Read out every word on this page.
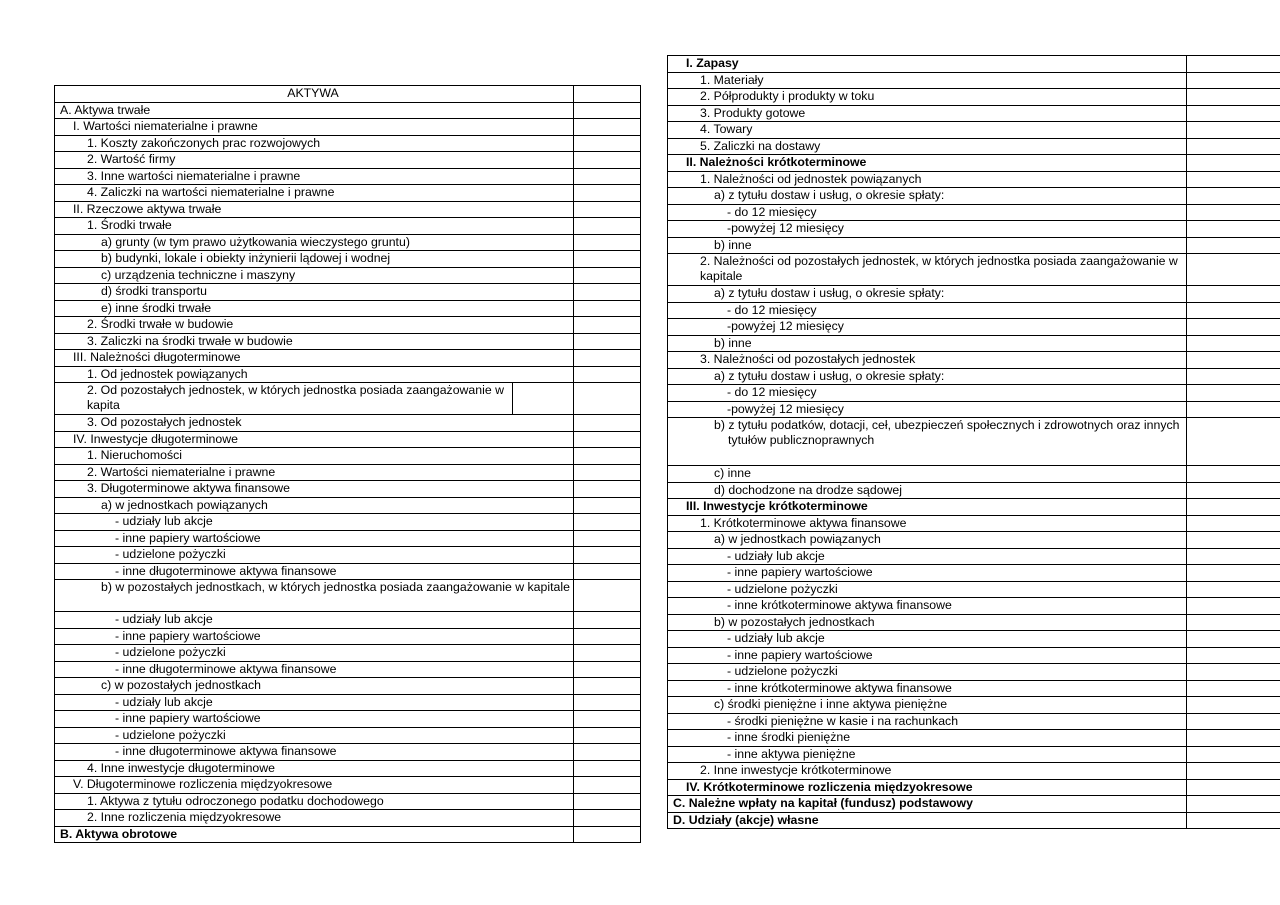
AKTYWA	
A. Aktywa trwałe	
I. Wartości niematerialne i prawne	
1. Koszty zakończonych prac rozwojowych	
2. Wartość firmy	
3. Inne wartości niematerialne i prawne	
4. Zaliczki na wartości niematerialne i prawne	
II. Rzeczowe aktywa trwałe	
1. Środki trwałe	
a) grunty (w tym prawo użytkowania wieczystego gruntu)	
b) budynki, lokale i obiekty inżynierii lądowej i wodnej	
c) urządzenia techniczne i maszyny	
d) środki transportu	
e) inne środki trwałe	
2. Środki trwałe w budowie	
3. Zaliczki na środki trwałe w budowie	
III. Należności długoterminowe	
1. Od jednostek powiązanych	
2. Od pozostałych jednostek, w których jednostka posiada zaangażowanie w kapita

3. Od pozostałych jednostek	
IV. Inwestycje długoterminowe	
1. Nieruchomości	
2. Wartości niematerialne i prawne	
3. Długoterminowe aktywa finansowe	
a) w jednostkach powiązanych	
- udziały lub akcje	
- inne papiery wartościowe	
- udzielone pożyczki	
- inne długoterminowe aktywa finansowe	
b) w pozostałych jednostkach, w których jednostka posiada zaangażowanie w kapitale	
- udziały lub akcje	
- inne papiery wartościowe	
- udzielone pożyczki	
- inne długoterminowe aktywa finansowe	
c) w pozostałych jednostkach	
- udziały lub akcje	
- inne papiery wartościowe	
- udzielone pożyczki	
- inne długoterminowe aktywa finansowe	
4. Inne inwestycje długoterminowe	
V. Długoterminowe rozliczenia międzyokresowe	
1. Aktywa z tytułu odroczonego podatku dochodowego	
2. Inne rozliczenia międzyokresowe	
B. Aktywa obrotowe	
I. Zapasy	
1. Materiały	
2. Półprodukty i produkty w toku	
3. Produkty gotowe	
4. Towary	
5. Zaliczki na dostawy	
II. Należności krótkoterminowe	
1. Należności od jednostek powiązanych	
a) z tytułu dostaw i usług, o okresie spłaty:	
- do 12 miesięcy	
-powyżej 12 miesięcy	
b) inne	
2. Należności od pozostałych jednostek, w których jednostka posiada zaangażowanie w kapitale	
a) z tytułu dostaw i usług, o okresie spłaty:	
- do 12 miesięcy	
-powyżej 12 miesięcy	
b) inne	
3. Należności od pozostałych jednostek	
a) z tytułu dostaw i usług, o okresie spłaty:	
- do 12 miesięcy	
-powyżej 12 miesięcy	
b) z tytułu podatków, dotacji, ceł, ubezpieczeń społecznych i zdrowotnych oraz innych
tytułów publicznoprawnych	

c) inne	
d) dochodzone na drodze sądowej	
III. Inwestycje krótkoterminowe	
1. Krótkoterminowe aktywa finansowe	
a) w jednostkach powiązanych	
- udziały lub akcje	
- inne papiery wartościowe	
- udzielone pożyczki	
- inne krótkoterminowe aktywa finansowe	
b) w pozostałych jednostkach	
- udziały lub akcje	
- inne papiery wartościowe	
- udzielone pożyczki	
- inne krótkoterminowe aktywa finansowe	
c) środki pieniężne i inne aktywa pieniężne	
- środki pieniężne w kasie i na rachunkach	
- inne środki pieniężne	
- inne aktywa pieniężne	
2. Inne inwestycje krótkoterminowe	
IV. Krótkoterminowe rozliczenia międzyokresowe	
C. Należne wpłaty na kapitał (fundusz) podstawowy	
D. Udziały (akcje) własne	
